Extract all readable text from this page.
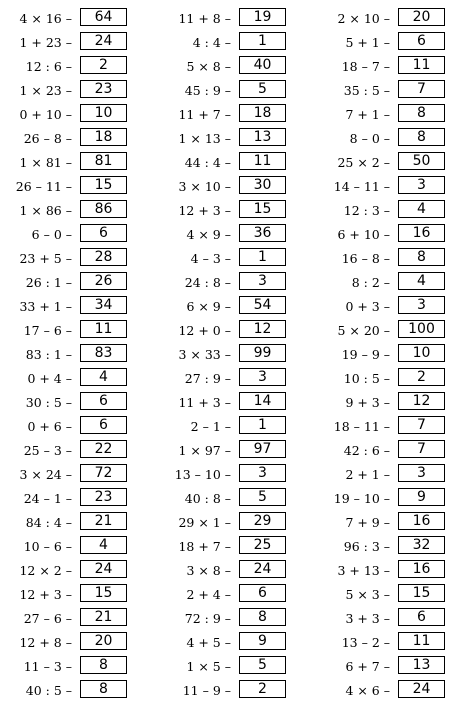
4 × 16 –	64
1 + 23 –	24
12 : 6 –	2
1 × 23 –	23
0 + 10 –	10
26 – 8 –	18
1 × 81 –	81
26 – 11 –	15
1 × 86 –	86
6 – 0 –	6
23 + 5 –	28
26 : 1 –	26
33 + 1 –	34
17 – 6 –	11
83 : 1 –	83
0 + 4 –	4
30 : 5 –	6
0 + 6 –	6
25 – 3 –	22
3 × 24 –	72
24 – 1 –	23
84 : 4 –	21
10 – 6 –	4
12 × 2 –	24
12 + 3 –	15
27 – 6 –	21
12 + 8 –	20
11 – 3 –	8
40 : 5 –	8
11 + 8 –	19
4 : 4 –	1
5 × 8 –	40
45 : 9 –	5
11 + 7 –	18
1 × 13 –	13
44 : 4 –	11
3 × 10 –	30
12 + 3 –	15
4 × 9 –	36
4 – 3 –	1
24 : 8 –	3
6 × 9 –	54
12 + 0 –	12
3 × 33 –	99
27 : 9 –	3
11 + 3 –	14
2 – 1 –	1
1 × 97 –	97
13 – 10 –	3
40 : 8 –	5
29 × 1 –	29
18 + 7 –	25
3 × 8 –	24
2 + 4 –	6
72 : 9 –	8
4 + 5 –	9
1 × 5 –	5
11 – 9 –	2
2 × 10 –	20
5 + 1 –	6
18 – 7 –	11
35 : 5 –	7
7 + 1 –	8
8 – 0 –	8
25 × 2 –	50
14 – 11 –	3
12 : 3 –	4
6 + 10 –	16
16 – 8 –	8
8 : 2 –	4
0 + 3 –	3
5 × 20 –	100
19 – 9 –	10
10 : 5 –	2
9 + 3 –	12
18 – 11 –	7
42 : 6 –	7
2 + 1 –	3
19 – 10 –	9
7 + 9 –	16
96 : 3 –	32
3 + 13 –	16
5 × 3 –	15
3 + 3 –	6
13 – 2 –	11
6 + 7 –	13
4 × 6 –	24
